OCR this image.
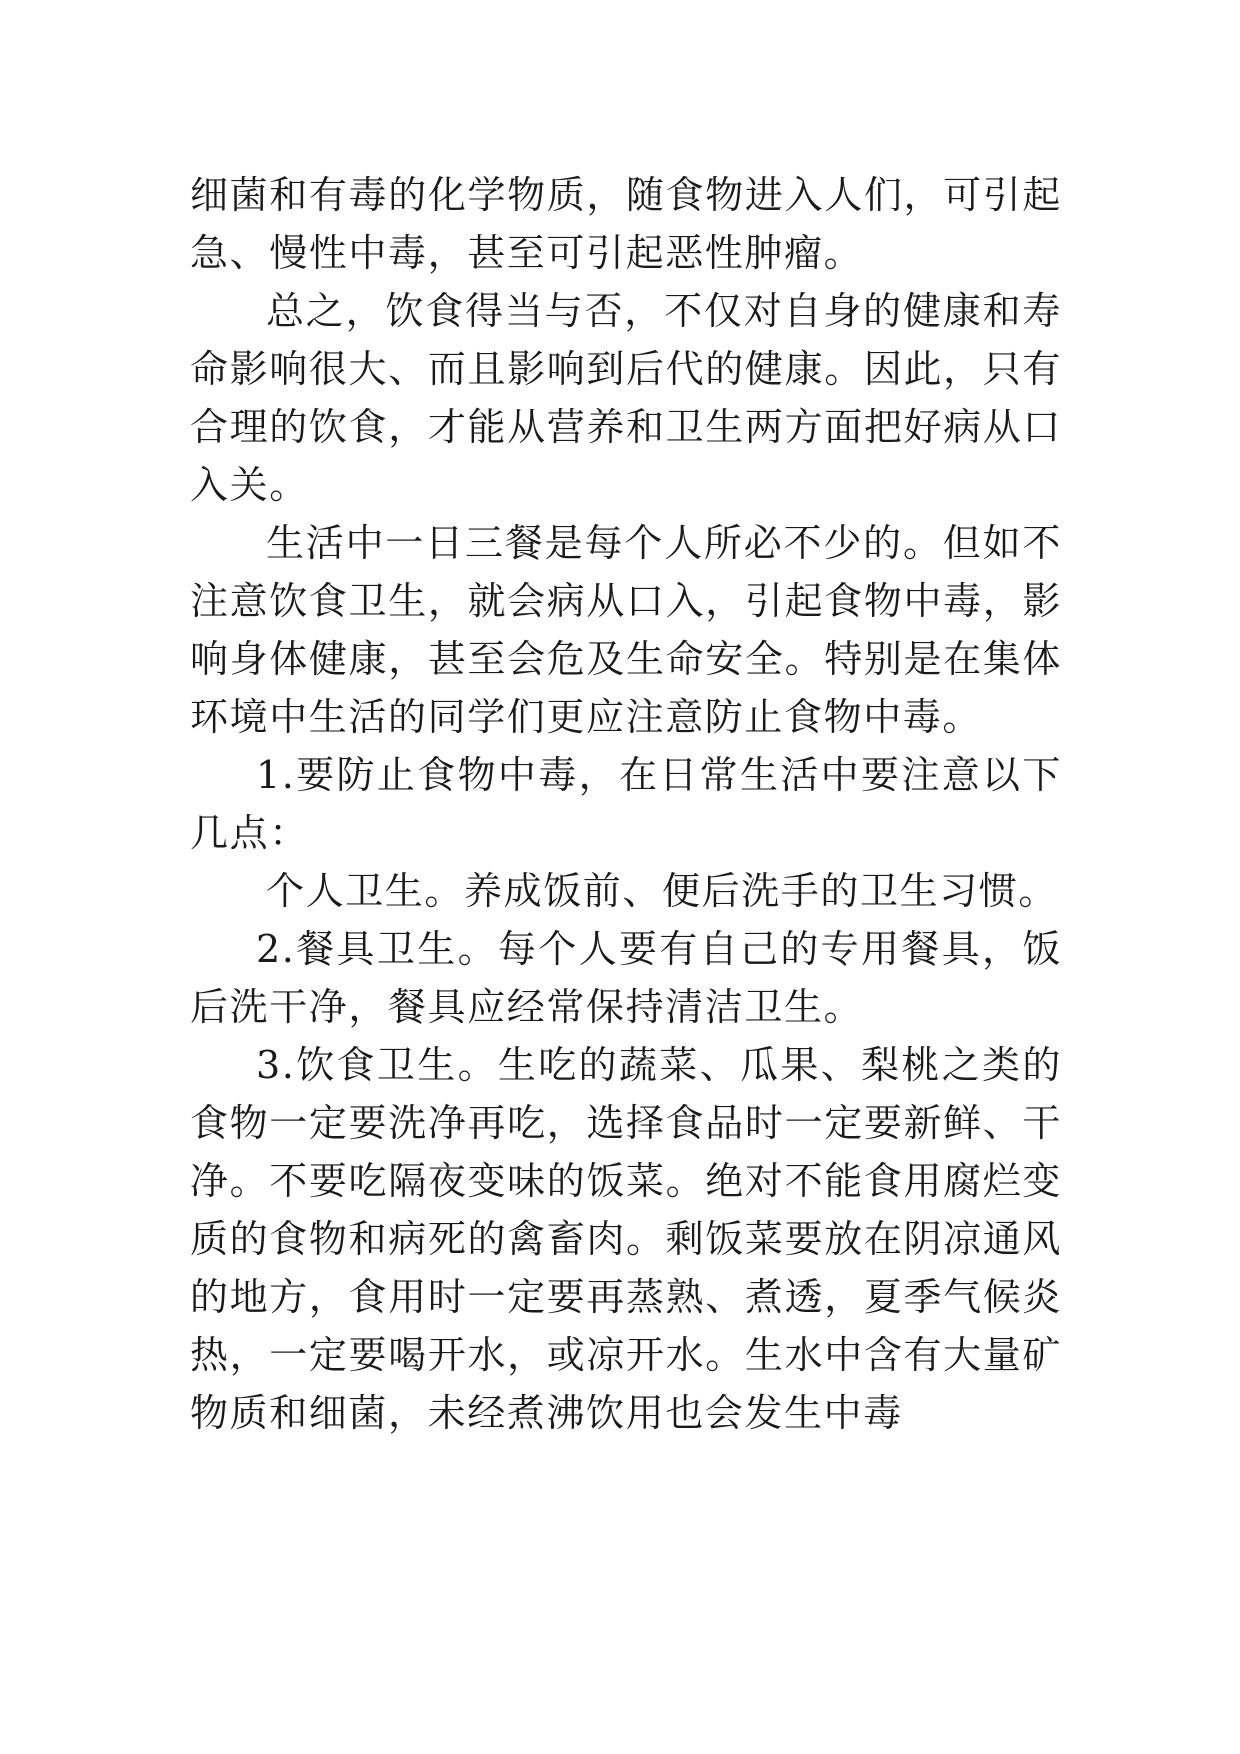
细菌和有毒的化学物质，随食物进入人们，可引起急、慢性中毒，甚至可引起恶性肿瘤。

总之，饮食得当与否，不仅对自身的健康和寿命影响很大、而且影响到后代的健康。因此，只有合理的饮食，才能从营养和卫生两方面把好病从口入关。

生活中一日三餐是每个人所必不少的。但如不注意饮食卫生，就会病从口入，引起食物中毒，影响身体健康，甚至会危及生命安全。特别是在集体环境中生活的同学们更应注意防止食物中毒。

1.要防止食物中毒，在日常生活中要注意以下几点：

个人卫生。养成饭前、便后洗手的卫生习惯。

2.餐具卫生。每个人要有自己的专用餐具，饭后洗干净，餐具应经常保持清洁卫生。

3.饮食卫生。生吃的蔬菜、瓜果、梨桃之类的食物一定要洗净再吃，选择食品时一定要新鲜、干净。不要吃隔夜变味的饭菜。绝对不能食用腐烂变质的食物和病死的禽畜肉。剩饭菜要放在阴凉通风的地方，食用时一定要再蒸熟、煮透，夏季气候炎热，一定要喝开水，或凉开水。生水中含有大量矿物质和细菌，未经煮沸饮用也会发生中毒
